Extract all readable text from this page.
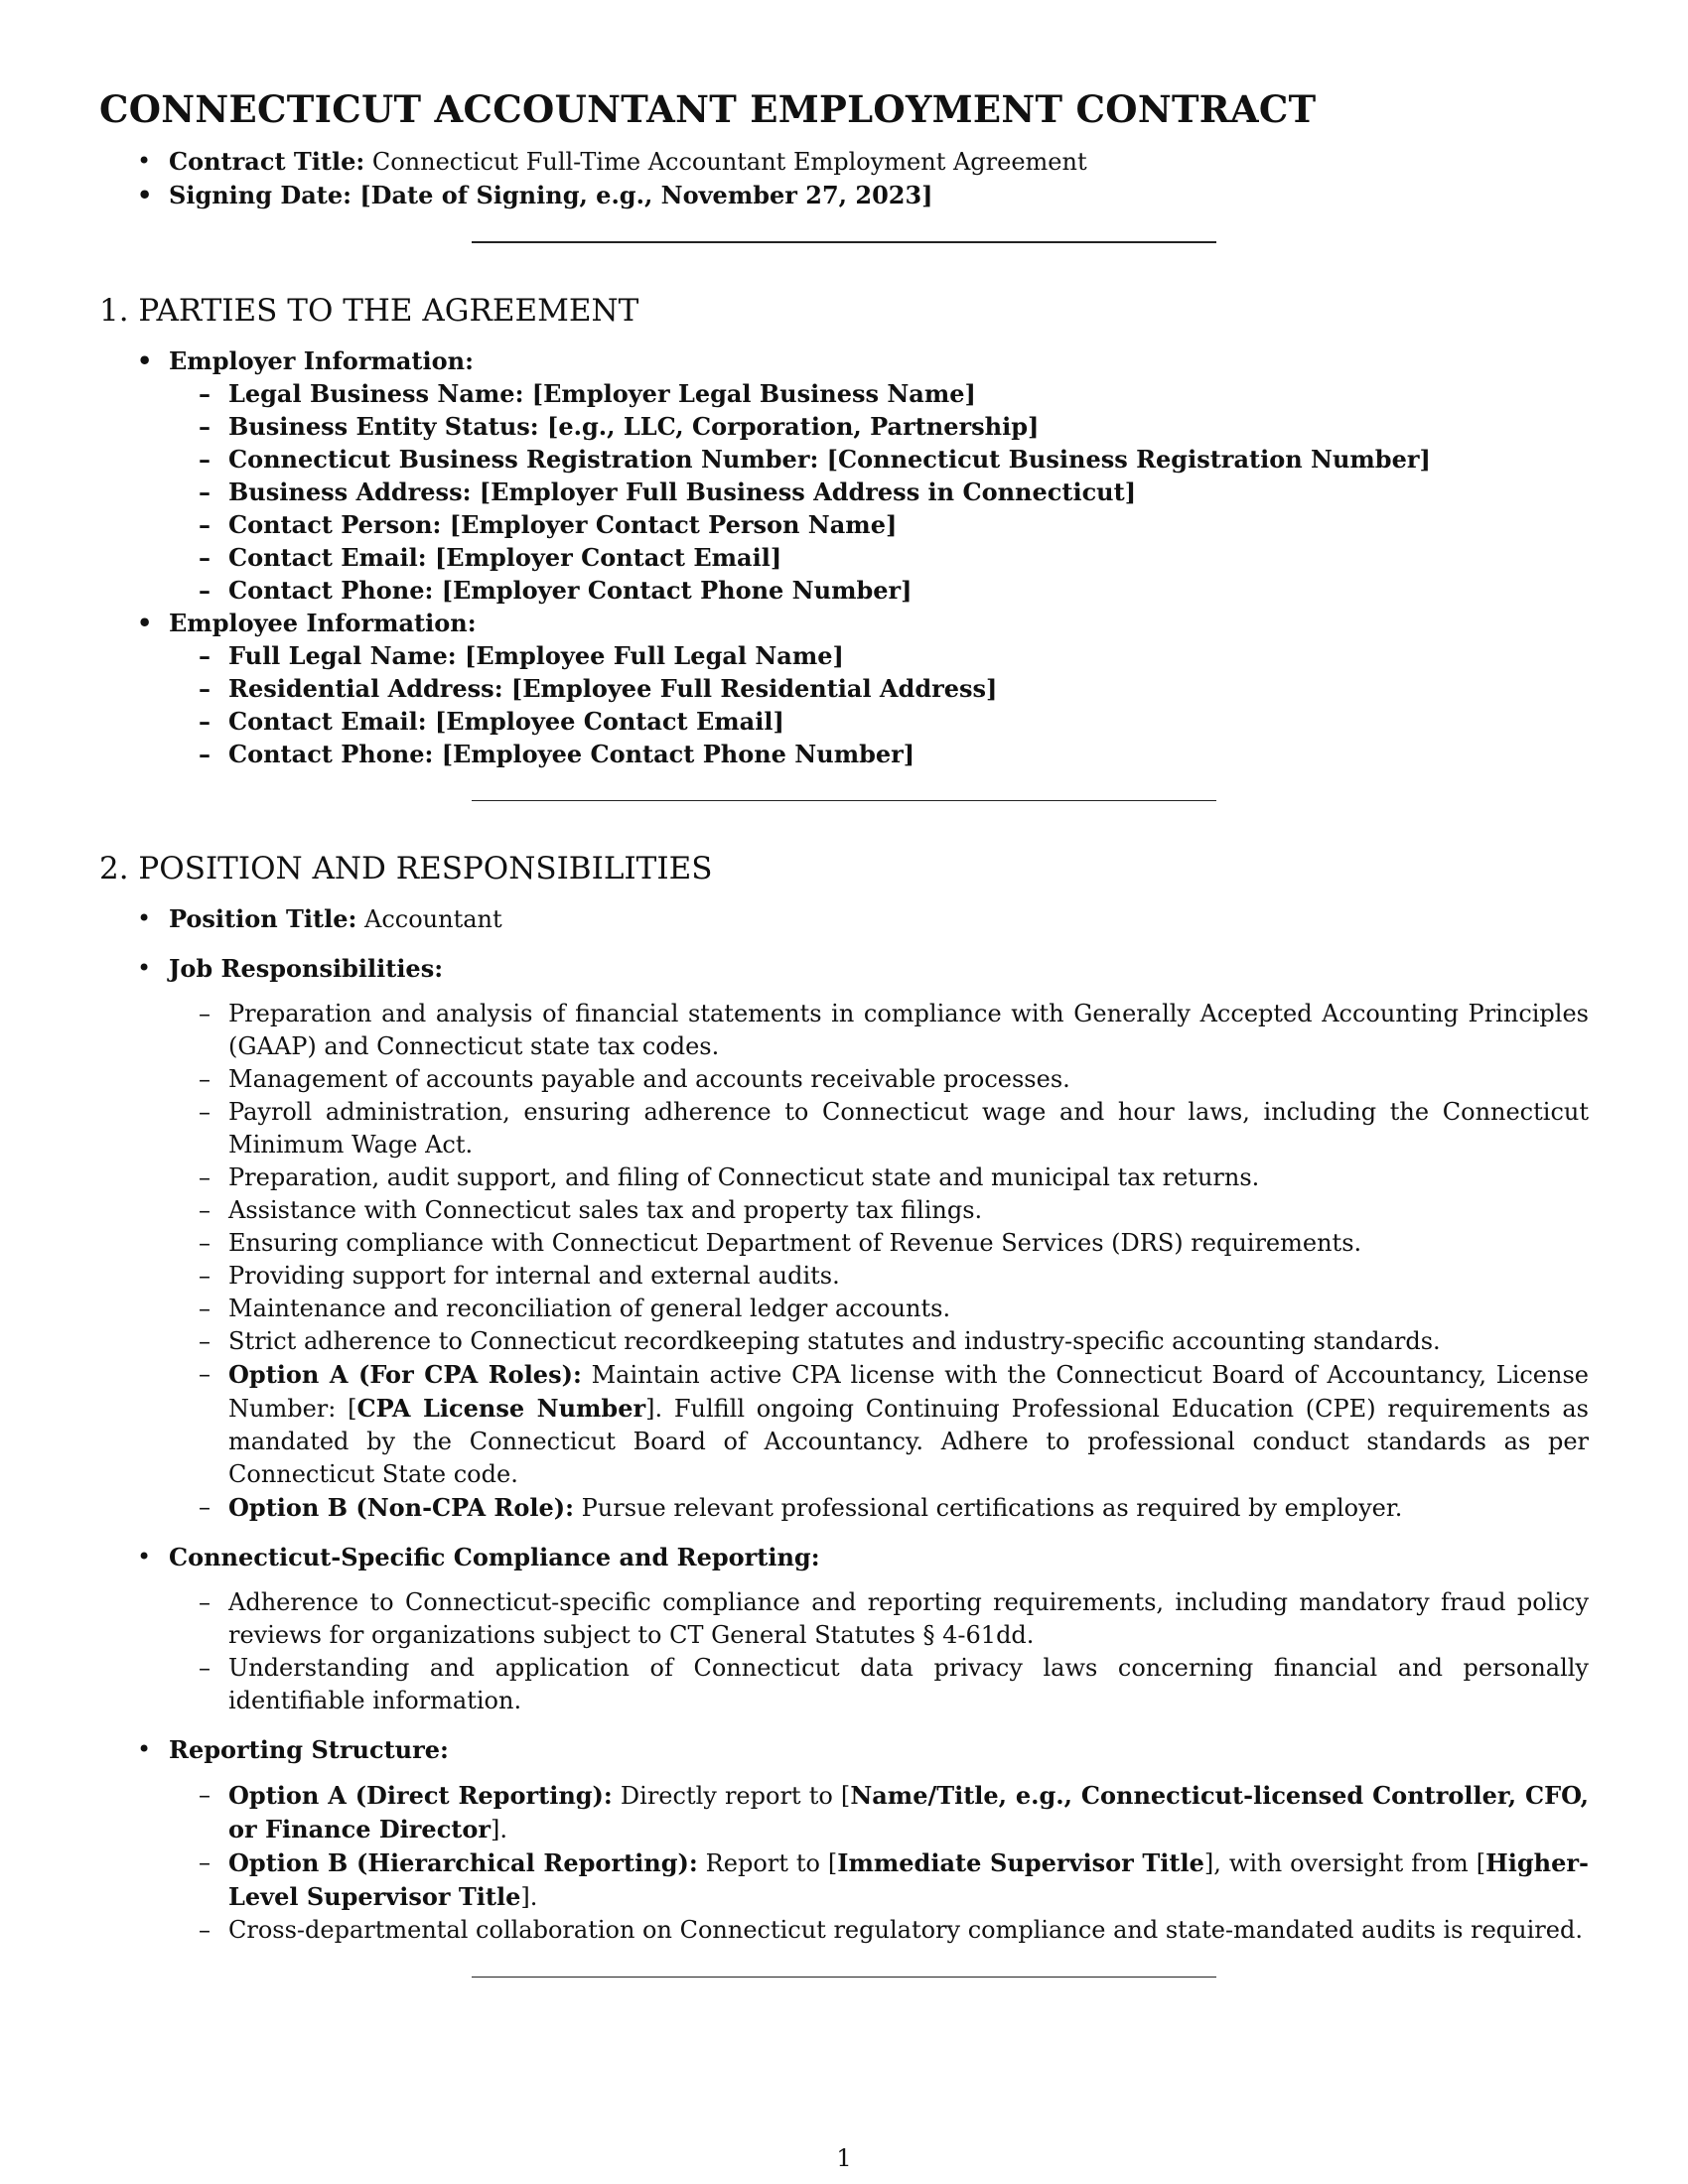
CONNECTICUT ACCOUNTANT EMPLOYMENT CONTRACT
• Contract Title: Connecticut Full-Time Accountant Employment Agreement
• Signing Date: [Date of Signing, e.g., November 27, 2023]
1. PARTIES TO THE AGREEMENT
• Employer Information:
– Legal Business Name: [Employer Legal Business Name]
– Business Entity Status: [e.g., LLC, Corporation, Partnership]
– Connecticut Business Registration Number: [Connecticut Business Registration Number]
– Business Address: [Employer Full Business Address in Connecticut]
– Contact Person: [Employer Contact Person Name]
– Contact Email: [Employer Contact Email]
– Contact Phone: [Employer Contact Phone Number]
• Employee Information:
– Full Legal Name: [Employee Full Legal Name]
– Residential Address: [Employee Full Residential Address]
– Contact Email: [Employee Contact Email]
– Contact Phone: [Employee Contact Phone Number]
2. POSITION AND RESPONSIBILITIES
• Position Title: Accountant
• Job Responsibilities:
– Preparation and analysis of financial statements in compliance with Generally Accepted Accounting Principles (GAAP) and Connecticut state tax codes.
– Management of accounts payable and accounts receivable processes.
– Payroll administration, ensuring adherence to Connecticut wage and hour laws, including the Connecticut Minimum Wage Act.
– Preparation, audit support, and filing of Connecticut state and municipal tax returns.
– Assistance with Connecticut sales tax and property tax filings.
– Ensuring compliance with Connecticut Department of Revenue Services (DRS) requirements.
– Providing support for internal and external audits.
– Maintenance and reconciliation of general ledger accounts.
– Strict adherence to Connecticut recordkeeping statutes and industry-specific accounting standards.
– Option A (For CPA Roles): Maintain active CPA license with the Connecticut Board of Accountancy, License Number: [CPA License Number]. Fulfill ongoing Continuing Professional Education (CPE) requirements as mandated by the Connecticut Board of Accountancy. Adhere to professional conduct standards as per Connecticut State code.
– Option B (Non-CPA Role): Pursue relevant professional certifications as required by employer.
• Connecticut-Specific Compliance and Reporting:
– Adherence to Connecticut-specific compliance and reporting requirements, including mandatory fraud policy reviews for organizations subject to CT General Statutes § 4-61dd.
– Understanding and application of Connecticut data privacy laws concerning financial and personally identifiable information.
• Reporting Structure:
– Option A (Direct Reporting): Directly report to [Name/Title, e.g., Connecticut-licensed Controller, CFO, or Finance Director].
– Option B (Hierarchical Reporting): Report to [Immediate Supervisor Title], with oversight from [Higher-Level Supervisor Title].
– Cross-departmental collaboration on Connecticut regulatory compliance and state-mandated audits is required.
1
